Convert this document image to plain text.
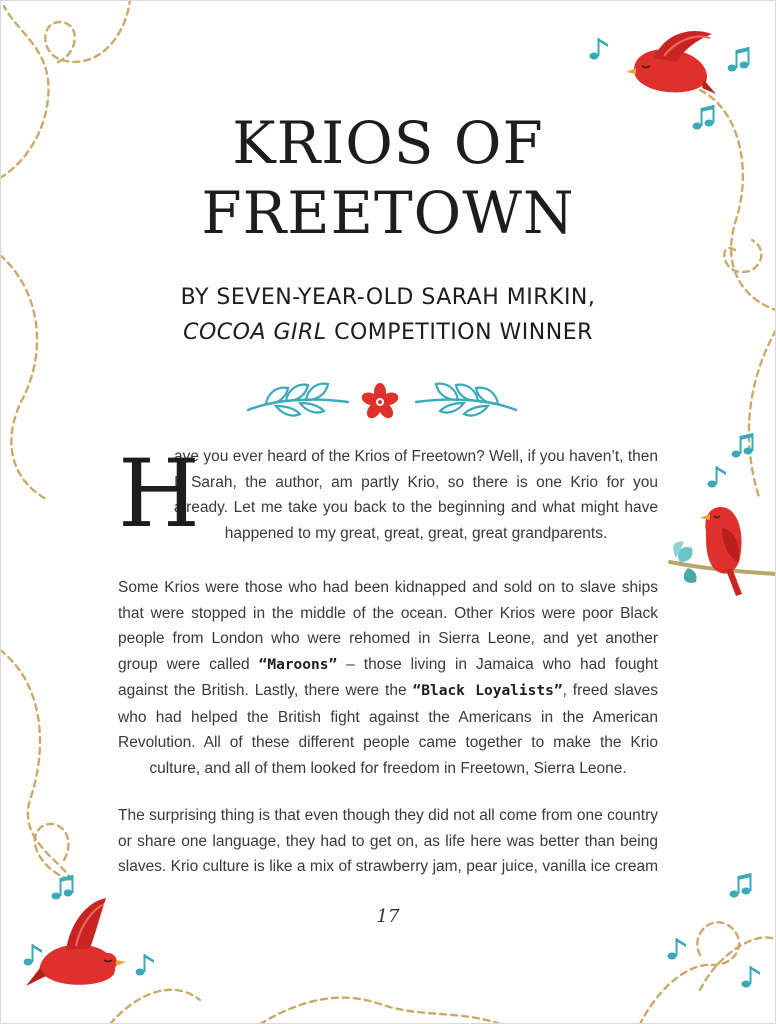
KRIOS OF
FREETOWN
BY SEVEN-YEAR-OLD SARAH MIRKIN,
COCOA GIRL COMPETITION WINNER
H

ave you ever heard of the Krios of Freetown? Well, if you haven’t, then I, Sarah, the author, am partly Krio, so there is one Krio for you already. Let me take you back to the beginning and what might have happened to my great, great, great, great grandparents.

Some Krios were those who had been kidnapped and sold on to slave ships that were stopped in the middle of the ocean. Other Krios were poor Black people from London who were rehomed in Sierra Leone, and yet another group were called “Maroons” – those living in Jamaica who had fought against the British. Lastly, there were the “Black Loyalists”, freed slaves who had helped the British fight against the Americans in the American Revolution. All of these different people came together to make the Krio culture, and all of them looked for freedom in Freetown, Sierra Leone.

The surprising thing is that even though they did not all come from one country or share one language, they had to get on, as life here was better than being slaves. Krio culture is like a mix of strawberry jam, pear juice, vanilla ice cream

17
